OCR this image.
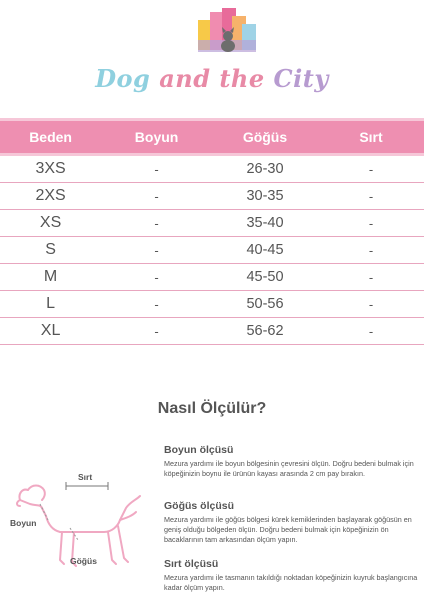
Dog and the City
Beden	Boyun	Göğüs	Sırt
3XS	-	26-30	-
2XS	-	30-35	-
XS	-	35-40	-
S	-	40-45	-
M	-	45-50	-
L	-	50-56	-
XL	-	56-62	-
Nasıl Ölçülür?

Boyun ölçüsü

Mezura yardımı ile boyun bölgesinin çevresini ölçün. Doğru bedeni bulmak için köpeğinizin boynu ile ürünün kayası arasında 2 cm pay bırakın.

Göğüs ölçüsü

Mezura yardımı ile göğüs bölgesi kürek kemiklerinden başlayarak göğüsün en geniş olduğu bölgeden ölçün. Doğru bedeni bulmak için köpeğinizin ön bacaklarının tam arkasından ölçüm yapın.

Sırt ölçüsü

Mezura yardımı ile tasmanın takıldığı noktadan köpeğinizin kuyruk başlangıcına kadar ölçüm yapın.

Sırt
Boyun
Göğüs
